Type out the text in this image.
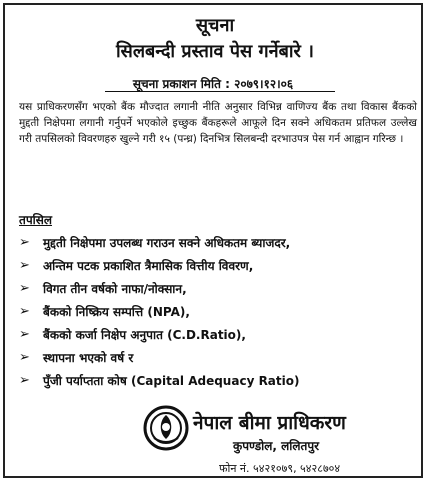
सूचना
सिलबन्दी प्रस्ताव पेस गर्नेबारे ।
सूचना प्रकाशन मिति : २०७९।१२।०६
यस प्राधिकरणसँग भएको बैंक मौज्दात लगानी नीति अनुसार विभिन्न वाणिज्य बैंक तथा विकास बैंकको मुद्दती निक्षेपमा लगानी गर्नुपर्ने भएकोले इच्छुक बैंकहरूले आफूले दिन सक्ने अधिकतम प्रतिफल उल्लेख गरी तपसिलको विवरणहरु खुल्ने गरी १५ (पन्ध्र) दिनभित्र सिलबन्दी दरभाउपत्र पेस गर्न आह्वान गरिन्छ ।
तपसिल
➢	मुद्दती निक्षेपमा उपलब्ध गराउन सक्ने अधिकतम ब्याजदर,
➢	अन्तिम पटक प्रकाशित त्रैमासिक वित्तीय विवरण,
➢	विगत तीन वर्षको नाफा/नोक्सान,
➢	बैंकको निष्क्रिय सम्पत्ति (NPA),
➢	बैंकको कर्जा निक्षेप अनुपात (C.D.Ratio),
➢	स्थापना भएको वर्ष र
➢	पुँजी पर्याप्तता कोष (Capital Adequacy Ratio)
नेपाल बीमा प्राधिकरण
कुपण्डोल, ललितपुर
फोन नं. ५४२१०७९, ५४२८७०४
